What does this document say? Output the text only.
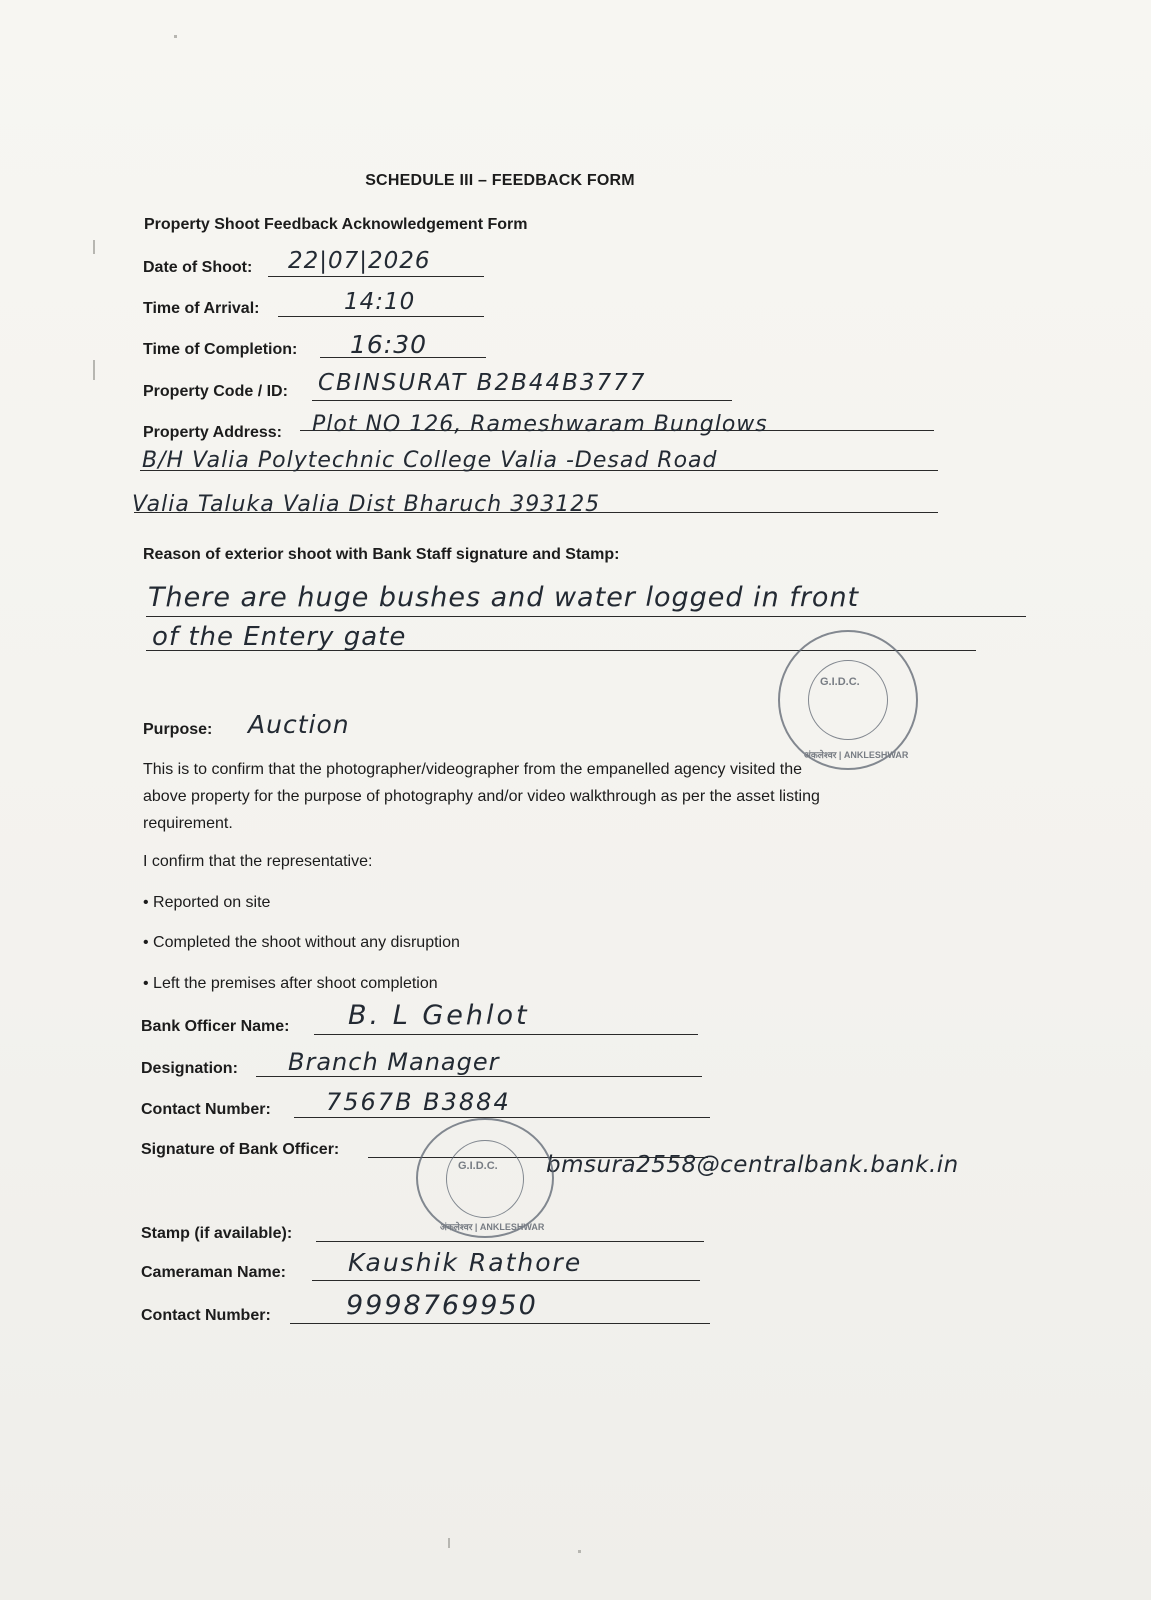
SCHEDULE III – FEEDBACK FORM
Property Shoot Feedback Acknowledgement Form
Date of Shoot: 22|07|2026
Time of Arrival:	14:10
Time of Completion: 16:30
Property Code / ID: CBINSURAT B2B44B3777
Property Address: Plot NO 126, Rameshwaram Bunglows
B/H Valia Polytechnic College Valia -Desad Road
Valia Taluka Valia Dist Bharuch 393125
Reason of exterior shoot with Bank Staff signature and Stamp:
There are huge bushes and water logged in front
of the Entery gate
G.I.D.C.
अंकलेश्वर | ANKLESHWAR
Purpose: Auction
This is to confirm that the photographer/videographer from the empanelled agency visited the
above property for the purpose of photography and/or video walkthrough as per the asset listing
requirement.
I confirm that the representative:
• Reported on site
• Completed the shoot without any disruption
• Left the premises after shoot completion
Bank Officer Name: B. L Gehlot
Designation: Branch Manager
Contact Number: 7567B B3884
Signature of Bank Officer:
bmsura2558@centralbank.bank.in
G.I.D.C.
अंकलेश्वर | ANKLESHWAR
Stamp (if available):
Cameraman Name: Kaushik Rathore
Contact Number:	9998769950
